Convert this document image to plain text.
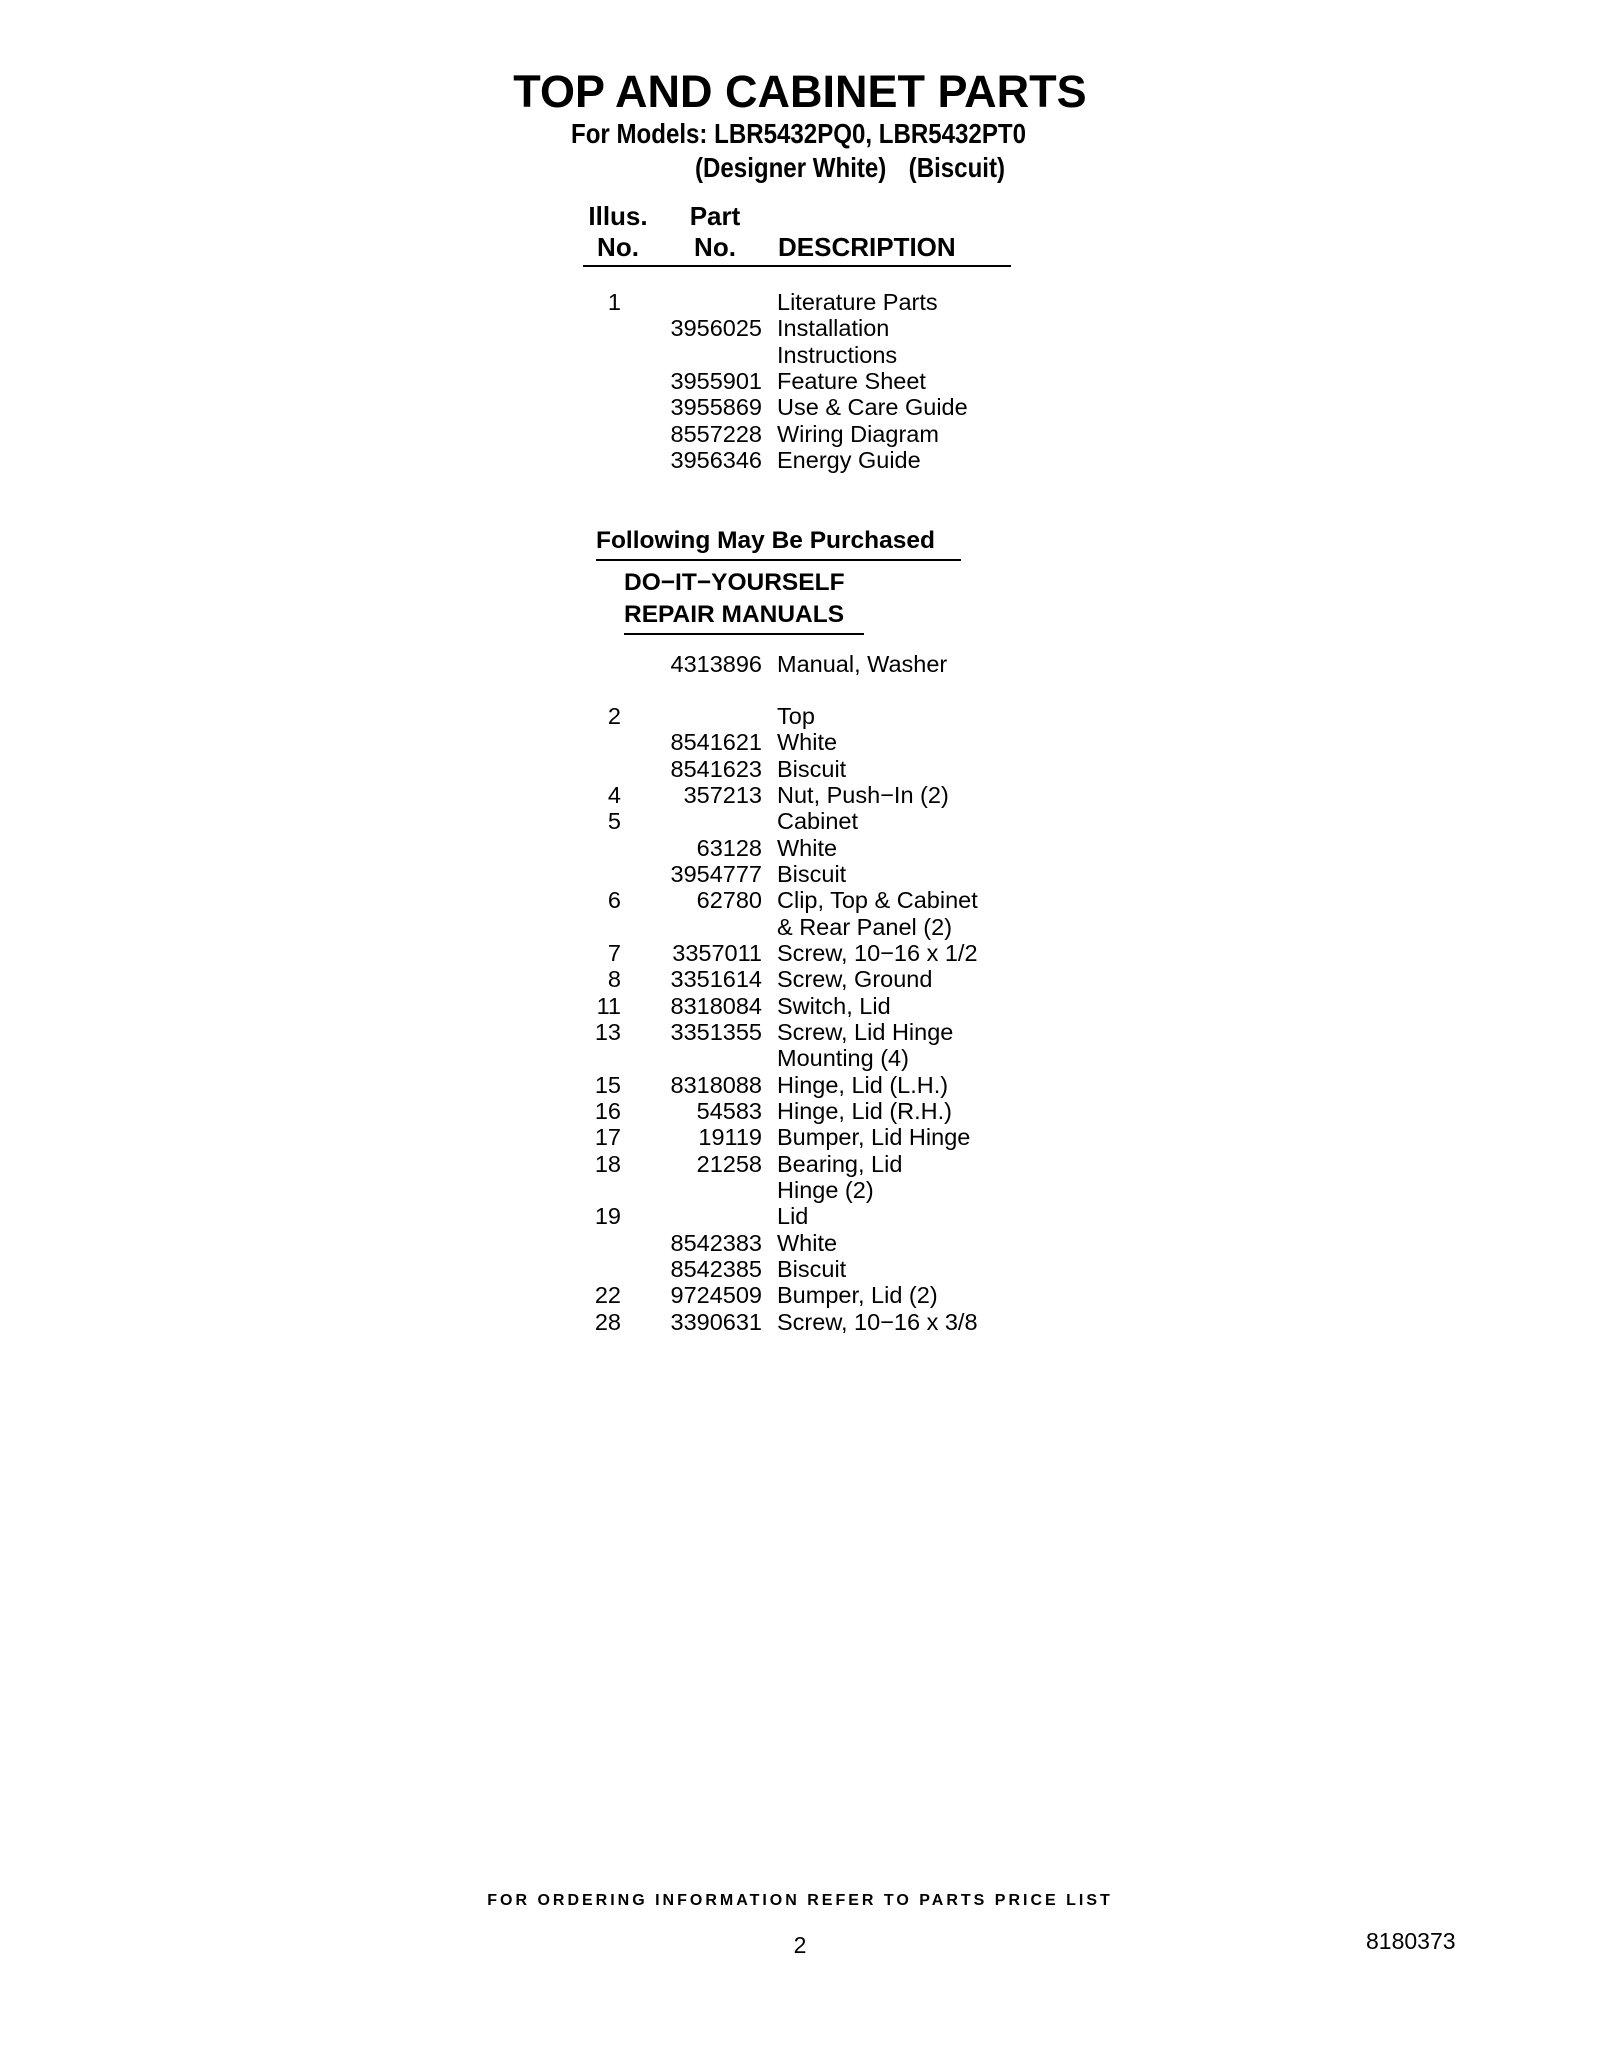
TOP AND CABINET PARTS
For Models: LBR5432PQ0, LBR5432PT0
(Designer White) (Biscuit)
Illus.
No.
Part
No.	DESCRIPTION
1	Literature Parts
3956025 Installation
Instructions
3955901 Feature Sheet
3955869 Use & Care Guide
8557228 Wiring Diagram
3956346 Energy Guide
Following May Be Purchased
DO−IT−YOURSELF
REPAIR MANUALS
4313896 Manual, Washer
2	Top
8541621 White
8541623 Biscuit
4	357213 Nut, Push−In (2)
5	Cabinet
63128 White
3954777 Biscuit
6	62780 Clip, Top & Cabinet
& Rear Panel (2)
7	3357011 Screw, 10−16 x 1/2
8	3351614 Screw, Ground
11	8318084 Switch, Lid
13	3351355 Screw, Lid Hinge
Mounting (4)
15	8318088 Hinge, Lid (L.H.)
16	54583 Hinge, Lid (R.H.)
17	19119 Bumper, Lid Hinge
18	21258 Bearing, Lid
Hinge (2)
19	Lid
8542383 White
8542385 Biscuit
22	9724509 Bumper, Lid (2)
28	3390631 Screw, 10−16 x 3/8
FOR ORDERING INFORMATION REFER TO PARTS PRICE LIST
2	8180373
